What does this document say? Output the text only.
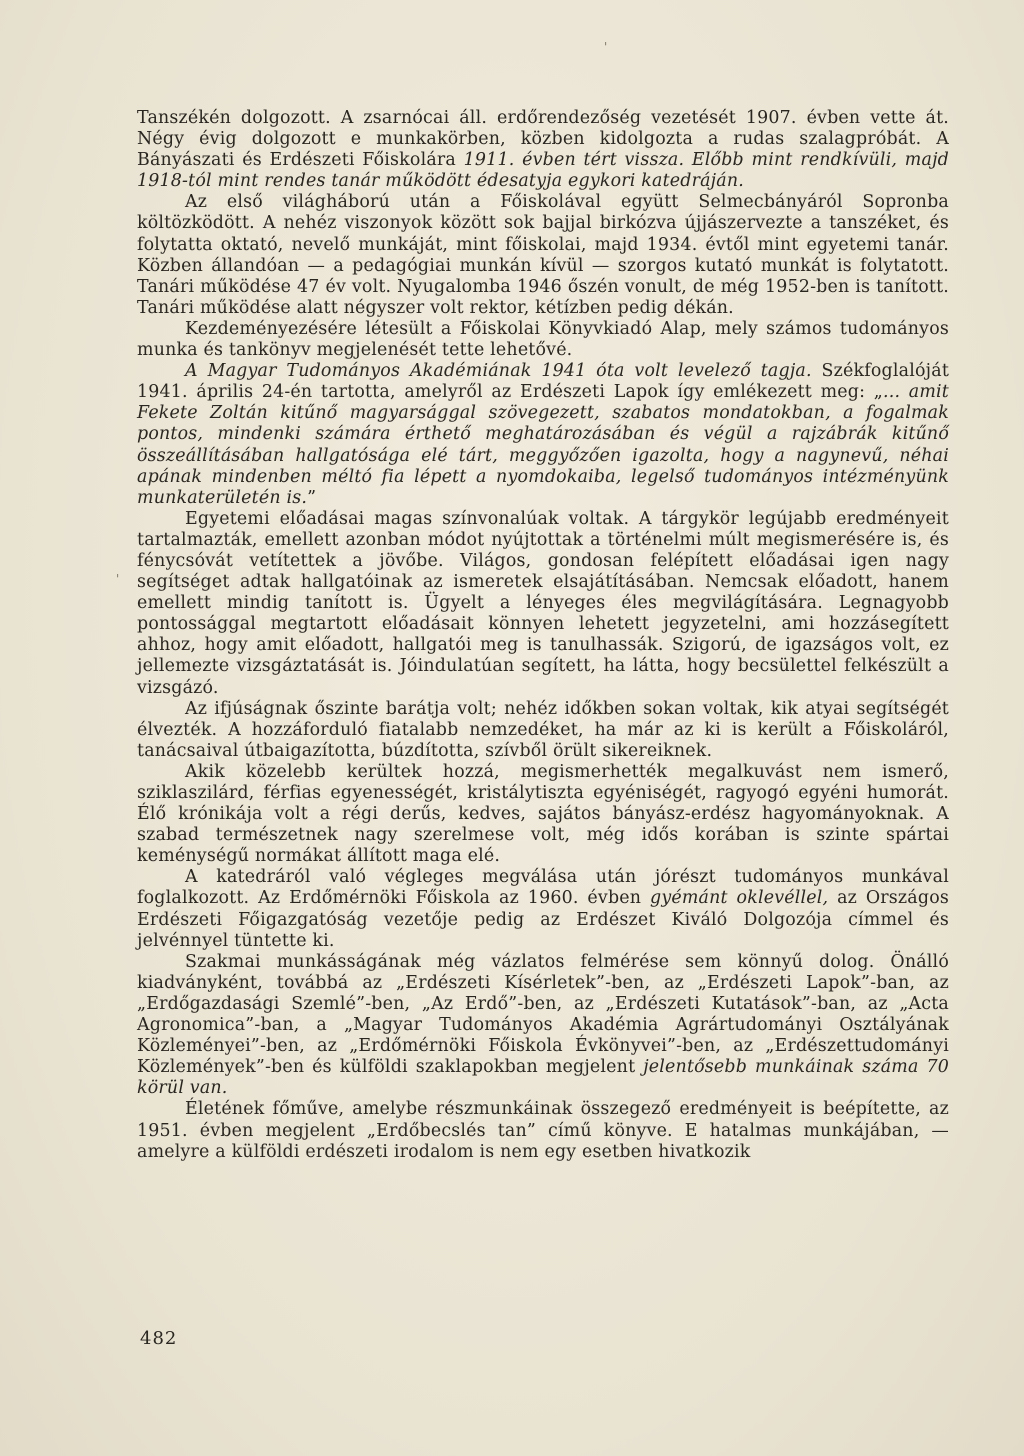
Tanszékén dolgozott. A zsarnócai áll. erdőrendezőség vezetését 1907. évben vette át. Négy évig dolgozott e munkakörben, közben kidolgozta a rudas szalagpróbát. A Bányászati és Erdészeti Főiskolára 1911. évben tért vissza. Előbb mint rendkívüli, majd 1918-tól mint rendes tanár működött édesatyja egykori katedráján.

Az első világháború után a Főiskolával együtt Selmecbányáról Sopronba költözködött. A nehéz viszonyok között sok bajjal birkózva újjászervezte a tanszéket, és folytatta oktató, nevelő munkáját, mint főiskolai, majd 1934. évtől mint egyetemi tanár. Közben állandóan — a pedagógiai munkán kívül — szorgos kutató munkát is folytatott. Tanári működése 47 év volt. Nyugalomba 1946 őszén vonult, de még 1952-ben is tanított. Tanári működése alatt négyszer volt rektor, kétízben pedig dékán.

Kezdeményezésére létesült a Főiskolai Könyvkiadó Alap, mely számos tudományos munka és tankönyv megjelenését tette lehetővé.

A Magyar Tudományos Akadémiának 1941 óta volt levelező tagja. Székfoglalóját 1941. április 24-én tartotta, amelyről az Erdészeti Lapok így emlékezett meg: „... amit Fekete Zoltán kitűnő magyarsággal szövegezett, szabatos mondatokban, a fogalmak pontos, mindenki számára érthető meghatározásában és végül a rajzábrák kitűnő összeállításában hallgatósága elé tárt, meggyőzően igazolta, hogy a nagynevű, néhai apának mindenben méltó fia lépett a nyomdokaiba, legelső tudományos intézményünk munkaterületén is.”

Egyetemi előadásai magas színvonalúak voltak. A tárgykör legújabb eredményeit tartalmazták, emellett azonban módot nyújtottak a történelmi múlt megismerésére is, és fénycsóvát vetítettek a jövőbe. Világos, gondosan felépített előadásai igen nagy segítséget adtak hallgatóinak az ismeretek elsajátításában. Nemcsak előadott, hanem emellett mindig tanított is. Ügyelt a lényeges éles megvilágítására. Legnagyobb pontossággal megtartott előadásait könnyen lehetett jegyzetelni, ami hozzásegített ahhoz, hogy amit előadott, hallgatói meg is tanulhassák. Szigorú, de igazságos volt, ez jellemezte vizsgáztatását is. Jóindulatúan segített, ha látta, hogy becsülettel felkészült a vizsgázó.

Az ifjúságnak őszinte barátja volt; nehéz időkben sokan voltak, kik atyai segítségét élvezték. A hozzáforduló fiatalabb nemzedéket, ha már az ki is került a Főiskoláról, tanácsaival útbaigazította, búzdította, szívből örült sikereiknek.

Akik közelebb kerültek hozzá, megismerhették megalkuvást nem ismerő, sziklaszilárd, férfias egyenességét, kristálytiszta egyéniségét, ragyogó egyéni humorát. Élő krónikája volt a régi derűs, kedves, sajátos bányász-erdész hagyományoknak. A szabad természetnek nagy szerelmese volt, még idős korában is szinte spártai keménységű normákat állított maga elé.

A katedráról való végleges megválása után jórészt tudományos munkával foglalkozott. Az Erdőmérnöki Főiskola az 1960. évben gyémánt oklevéllel, az Országos Erdészeti Főigazgatóság vezetője pedig az Erdészet Kiváló Dolgozója címmel és jelvénnyel tüntette ki.

Szakmai munkásságának még vázlatos felmérése sem könnyű dolog. Önálló kiadványként, továbbá az „Erdészeti Kísérletek”-ben, az „Erdészeti Lapok”-ban, az „Erdőgazdasági Szemlé”-ben, „Az Erdő”-ben, az „Erdészeti Kutatások”-ban, az „Acta Agronomica”-ban, a „Magyar Tudományos Akadémia Agrártudományi Osztályának Közleményei”-ben, az „Erdőmérnöki Főiskola Évkönyvei”-ben, az „Erdészettudományi Közlemények”-ben és külföldi szaklapokban megjelent jelentősebb munkáinak száma 70 körül van.

Életének főműve, amelybe részmunkáinak összegező eredményeit is beépítette, az 1951. évben megjelent „Erdőbecslés tan” című könyve. E hatalmas munkájában, — amelyre a külföldi erdészeti irodalom is nem egy esetben hivatkozik

482
'
'
